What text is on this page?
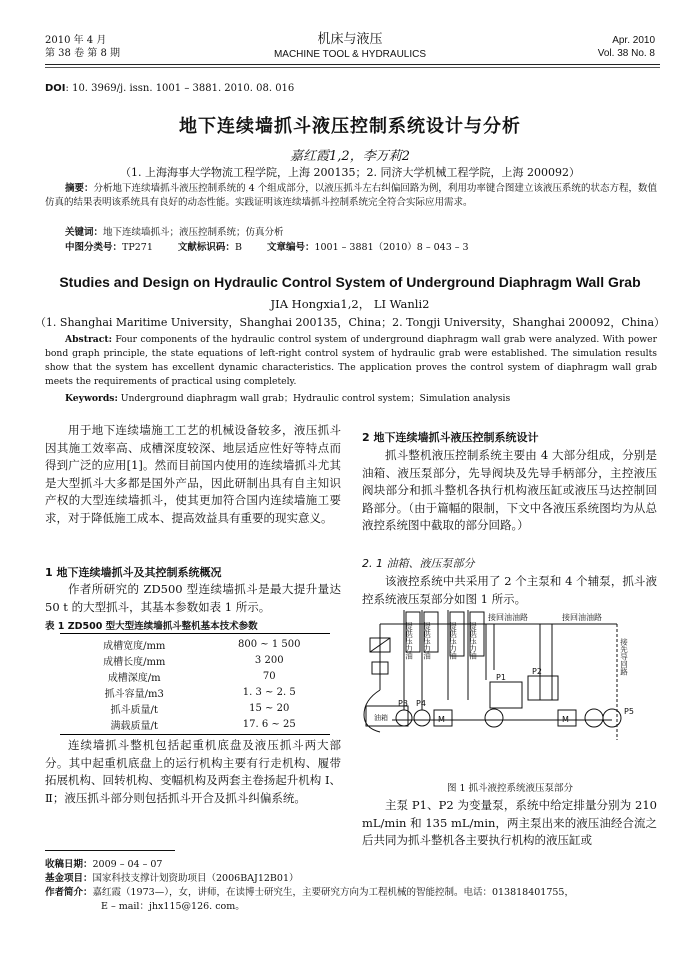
2010 年 4 月
第 38 卷 第 8 期
机床与液压
MACHINE TOOL & HYDRAULICS
Apr. 2010
Vol. 38 No. 8
DOI: 10. 3969/j. issn. 1001 – 3881. 2010. 08. 016
地下连续墙抓斗液压控制系统设计与分析
嘉红霞1,2，李万莉2
（1. 上海海事大学物流工程学院，上海 200135；2. 同济大学机械工程学院，上海 200092）
摘要：分析地下连续墙抓斗液压控制系统的 4 个组成部分，以液压抓斗左右纠偏回路为例，利用功率键合图建立该液压系统的状态方程，数值仿真的结果表明该系统具有良好的动态性能。实践证明该连续墙抓斗控制系统完全符合实际应用需求。
关键词：地下连续墙抓斗；液压控制系统；仿真分析
中图分类号：TP271	文献标识码：B	文章编号：1001 – 3881（2010）8 – 043 – 3
Studies and Design on Hydraulic Control System of Underground Diaphragm Wall Grab
JIA Hongxia1,2， LI Wanli2
（1. Shanghai Maritime University，Shanghai 200135，China；2. Tongji University，Shanghai 200092，China）
Abstract: Four components of the hydraulic control system of underground diaphragm wall grab were analyzed. With power bond graph principle, the state equations of left-right control system of hydraulic grab were established. The simulation results show that the system has excellent dynamic characteristics. The application proves the control system of diaphragm wall grab meets the requirements of practical using completely.
Keywords: Underground diaphragm wall grab；Hydraulic control system；Simulation analysis
用于地下连续墙施工工艺的机械设备较多，液压抓斗因其施工效率高、成槽深度较深、地层适应性好等特点而得到广泛的应用[1]。然而目前国内使用的连续墙抓斗尤其是大型抓斗大多都是国外产品，因此研制出具有自主知识产权的大型连续墙抓斗，使其更加符合国内连续墙施工要求，对于降低施工成本、提高效益具有重要的现实意义。
1 地下连续墙抓斗及其控制系统概况
作者所研究的 ZD500 型连续墙抓斗是最大提升量达 50 t 的大型抓斗，其基本参数如表 1 所示。
表 1 ZD500 型大型连续墙抓斗整机基本技术参数
成槽宽度/mm	800 ~ 1 500
成槽长度/mm	3 200
成槽深度/m	70
抓斗容量/m3	1. 3 ~ 2. 5
抓斗质量/t	15 ~ 20
满载质量/t	17. 6 ~ 25
连续墙抓斗整机包括起重机底盘及液压抓斗两大部分。其中起重机底盘上的运行机构主要有行走机构、履带拓展机构、回转机构、变幅机构及两套主卷扬起升机构 Ⅰ、Ⅱ；液压抓斗部分则包括抓斗开合及抓斗纠偏系统。
2 地下连续墙抓斗液压控制系统设计
抓斗整机液压控制系统主要由 4 大部分组成，分别是油箱、液压泵部分，先导阀块及先导手柄部分，主控液压阀块部分和抓斗整机各执行机构液压缸或液压马达控制回路部分。（由于篇幅的限制，下文中各液压系统图均为从总液控系统图中截取的部分回路。）
2. 1 油箱、液压泵部分
该液控系统中共采用了 2 个主泵和 4 个辅泵，抓斗液控系统液压泵部分如图 1 所示。
接回油油路	接回油油路
提供压力油 提供压力油 提供压力油 提供压力油	接先导回路
油箱	M	M
P1
P2
P3 P4
P5
图 1 抓斗液控系统液压泵部分
主泵 P1、P2 为变量泵，系统中给定排量分别为 210 mL/min 和 135 mL/min，两主泵出来的液压油经合流之后共同为抓斗整机各主要执行机构的液压缸或
收稿日期：2009 – 04 – 07
基金项目：国家科技支撑计划资助项目（2006BAJ12B01）
作者简介：嘉红霞（1973—），女，讲师，在读博士研究生，主要研究方向为工程机械的智能控制。电话：013818401755，
E – mail：jhx115@126. com。
